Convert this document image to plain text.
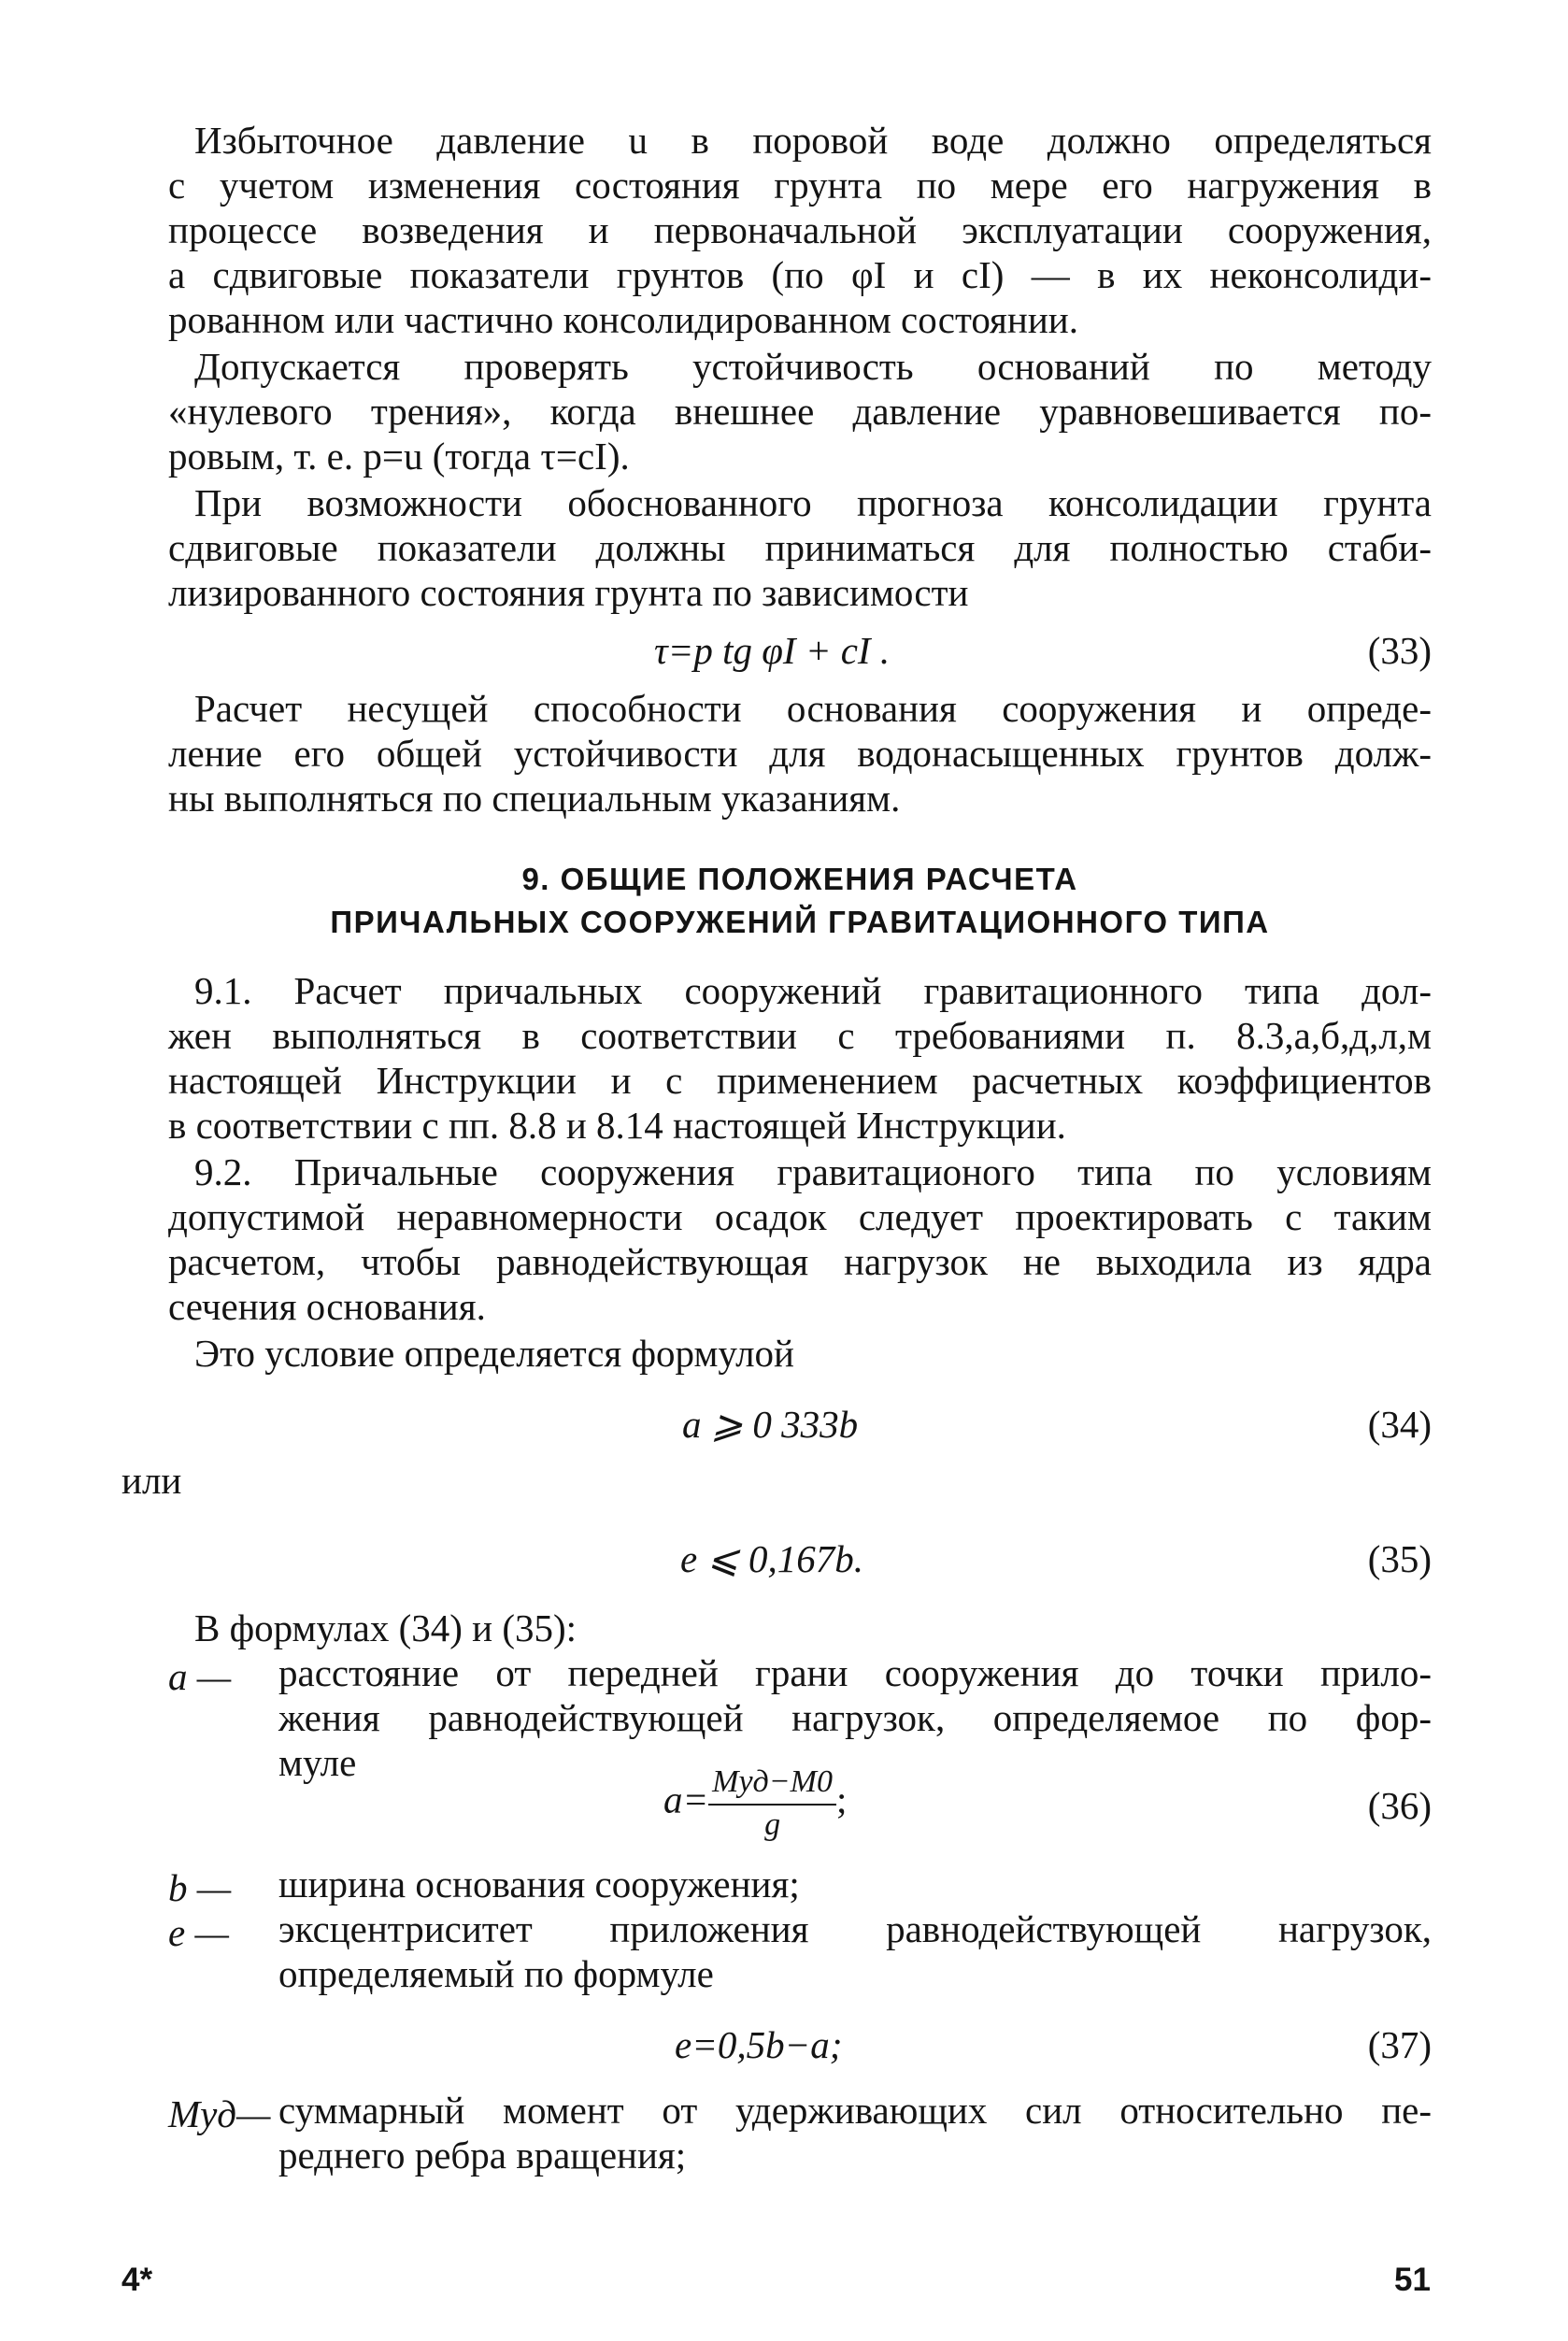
Избыточное давление u в поровой воде должно определяться
с учетом изменения состояния грунта по мере его нагружения в
процессе возведения и первоначальной эксплуатации сооружения,
а сдвиговые показатели грунтов (по φI и cI) — в их неконсолиди-
рованном или частично консолидированном состоянии.
Допускается проверять устойчивость оснований по методу
«нулевого трения», когда внешнее давление уравновешивается по-
ровым, т. е. p=u (тогда τ=cI).
При возможности обоснованного прогноза консолидации грунта
сдвиговые показатели должны приниматься для полностью стаби-
лизированного состояния грунта по зависимости
τ=p tg φI + cI .	(33)
Расчет несущей способности основания сооружения и опреде-
ление его общей устойчивости для водонасыщенных грунтов долж-
ны выполняться по специальным указаниям.
9. ОБЩИЕ ПОЛОЖЕНИЯ РАСЧЕТА
ПРИЧАЛЬНЫХ СООРУЖЕНИЙ ГРАВИТАЦИОННОГО ТИПА
9.1. Расчет причальных сооружений гравитационного типа дол-
жен выполняться в соответствии с требованиями п. 8.3,а,б,д,л,м
настоящей Инструкции и с применением расчетных коэффициентов
в соответствии с пп. 8.8 и 8.14 настоящей Инструкции.
9.2. Причальные сооружения гравитационого типа по условиям
допустимой неравномерности осадок следует проектировать с таким
расчетом, чтобы равнодействующая нагрузок не выходила из ядра
сечения основания.
Это условие определяется формулой
a ⩾ 0 333b	(34)
или
e ⩽ 0,167b.	(35)
В формулах (34) и (35):
a —	расстояние от передней грани сооружения до точки прило-
жения равнодействующей нагрузок, определяемое по фор-
муле
$a= \frac{\text{Mуд−M0}}{g}$ ;	(36)
b —	ширина основания сооружения;
e —	эксцентриситет приложения равнодействующей нагрузок,
определяемый по формуле
e=0,5b−a;	(37)
Mуд— суммарный момент от удерживающих сил относительно пе-
реднего ребра вращения;
4*	51
